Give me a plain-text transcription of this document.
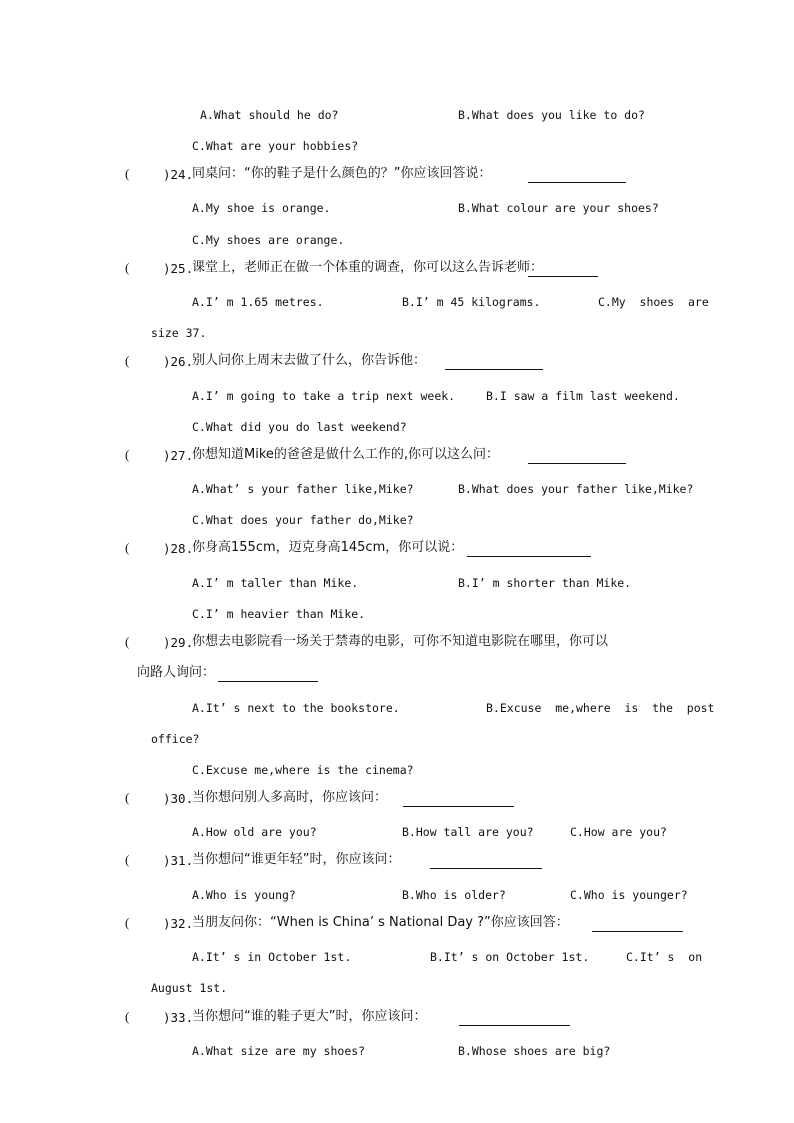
A.What should he do?	B.What does you like to do?
C.What are your hobbies?
(	)24.
同桌问：“你的鞋子是什么颜色的？”你应该回答说：
A.My shoe is orange.	B.What colour are your shoes?
C.My shoes are orange.
(	)25.
课堂上，老师正在做一个体重的调查，你可以这么告诉老师：
A.I’ m 1.65 metres.	B.I’ m 45 kilograms.	C.My  shoes  are
size 37.
(	)26.
别人问你上周末去做了什么，你告诉他：
A.I’ m going to take a trip next week.	B.I saw a film last weekend.
C.What did you do last weekend?
(	)27.
你想知道Mike的爸爸是做什么工作的,你可以这么问：
A.What’ s your father like,Mike?	B.What does your father like,Mike?
C.What does your father do,Mike?
(	)28.
你身高155cm，迈克身高145cm，你可以说：
A.I’ m taller than Mike.	B.I’ m shorter than Mike.
C.I’ m heavier than Mike.
(	)29.
你想去电影院看一场关于禁毒的电影，可你不知道电影院在哪里，你可以
向路人询问：
A.It’ s next to the bookstore.	B.Excuse  me,where  is  the  post
office?
C.Excuse me,where is the cinema?
(	)30.
当你想问别人多高时，你应该问：
A.How old are you?	B.How tall are you?	C.How are you?
(	)31.
当你想问“谁更年轻”时，你应该问：
A.Who is young?	B.Who is older?	C.Who is younger?
(	)32.
当朋友问你：“When is China’ s National Day ?”你应该回答：
A.It’ s in October 1st.	B.It’ s on October 1st.	C.It’ s  on
August 1st.
(	)33.
当你想问“谁的鞋子更大”时，你应该问：
A.What size are my shoes?	B.Whose shoes are big?
